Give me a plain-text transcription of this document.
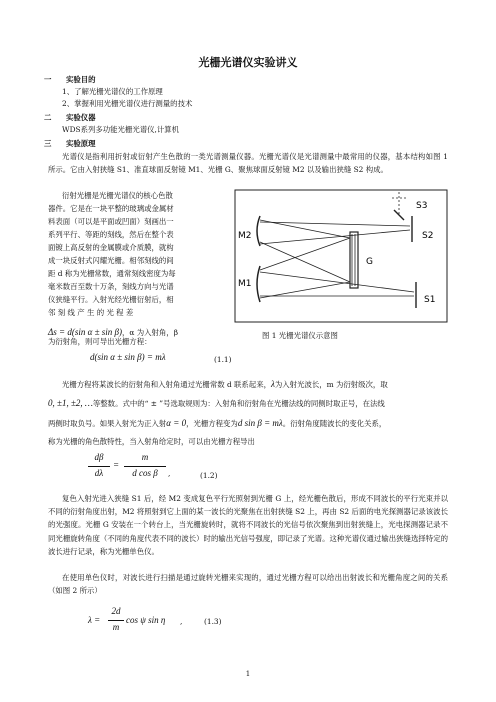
光栅光谱仪实验讲义
一 实验目的
1、了解光栅光谱仪的工作原理
2、掌握利用光栅光谱仪进行测量的技术
二 实验仪器
WDS系列多功能光栅光谱仪,计算机
三 实验原理
光谱仪是指利用折射或衍射产生色散的一类光谱测量仪器。光栅光谱仪是光谱测量中最常用的仪器，基本结构如图 1 所示。它由入射狭缝 S1、准直球面反射镜 M1、光栅 G、聚焦球面反射镜 M2 以及输出狭缝 S2 构成。
衍射光栅是光栅光谱仪的核心色散
器件。它是在一块平整的玻璃或金属材
料表面（可以是平面或凹面）刻画出一
系列平行、等距的刻线，然后在整个表
面镀上高反射的金属膜或介质膜，就构
成一块反射式闪耀光栅。相邻刻线的间
距 d 称为光栅常数，通常刻线密度为每
毫米数百至数十万条，刻线方向与光谱
仪狭缝平行。入射光经光栅衍射后，相
邻 刻 线 产 生 的 光 程 差
Δs = d(sin α ± sin β)，α 为入射角，β
为衍射角，则可导出光栅方程：
d(sin α ± sin β) = mλ	(1.1)
S3
M2	S2
G
M1
S1
图 1 光栅光谱仪示意图
光栅方程将某波长的衍射角和入射角通过光栅常数 d 联系起来，λ为入射光波长，m 为衍射级次，取
0, ±1, ±2, …等整数。式中的“ ± ”号选取规则为：入射角和衍射角在光栅法线的同侧时取正号，在法线
两侧时取负号。如果入射光为正入射α = 0，光栅方程变为d sin β = mλ。衍射角度随波长的变化关系，
称为光栅的角色散特性，当入射角给定时，可以由光栅方程导出
dβ
dλ
=
m
d cos β	,	(1.2)
复色入射光进入狭缝 S1 后，经 M2 变成复色平行光照射到光栅 G 上，经光栅色散后，形成不同波长的平行光束并以不同的衍射角度出射，M2 将照射到它上面的某一波长的光聚焦在出射狭缝 S2 上，再由 S2 后面的电光探测器记录该波长的光强度。光栅 G 安装在一个转台上，当光栅旋转时，就将不同波长的光信号依次聚焦到出射狭缝上，光电探测器记录不同光栅旋转角度（不同的角度代表不同的波长）时的输出光信号强度，即记录了光谱。这种光谱仪通过输出狭缝选择特定的波长进行记录，称为光栅单色仪。
在使用单色仪时，对波长进行扫描是通过旋转光栅来实现的，通过光栅方程可以给出出射波长和光栅角度之间的关系（如图 2 所示）
λ =
2d
m
cos ψ sin η ,	(1.3)
1
